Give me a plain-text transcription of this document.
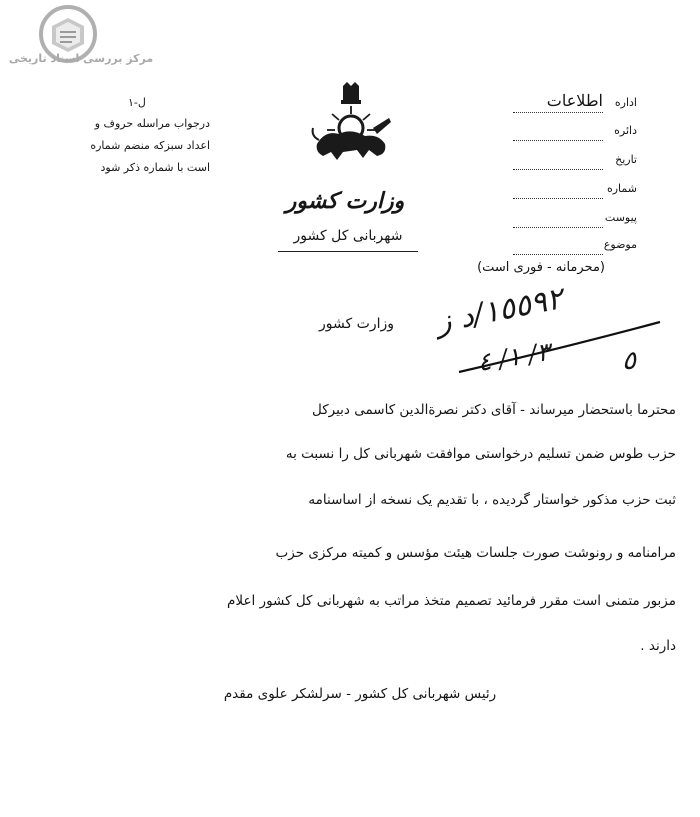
مرکز بررسی اسناد تاریخی
ل-١
درجواب مراسله حروف و
اعداد سبزکه منضم شماره
است با شماره ذکر شود
وزارت کشور
شهربانی کل کشور
اداره
اطلاعات
دائره
تاریخ
شماره
پیوست
موضوع
(محرمانه - فوری است)
وزارت کشور ١٥٥٩٢/د ز
٣/ ١/ ٤	٥
محترما باستحضار میرساند - آقای دکتر نصرةالدین کاسمی دبیرکل
حزب طوس ضمن تسلیم درخواستی موافقت شهربانی کل را نسبت به
ثبت حزب مذکور خواستار گردیده ، با تقدیم یک نسخه از اساسنامه
مرامنامه و رونوشت صورت جلسات هیئت مؤسس و کمیته مرکزی حزب
مزبور متمنی است مقرر فرمائید تصمیم متخذ مراتب به شهربانی کل کشور اعلام
دارند .
رئیس شهربانی کل کشور - سرلشکر علوی مقدم
